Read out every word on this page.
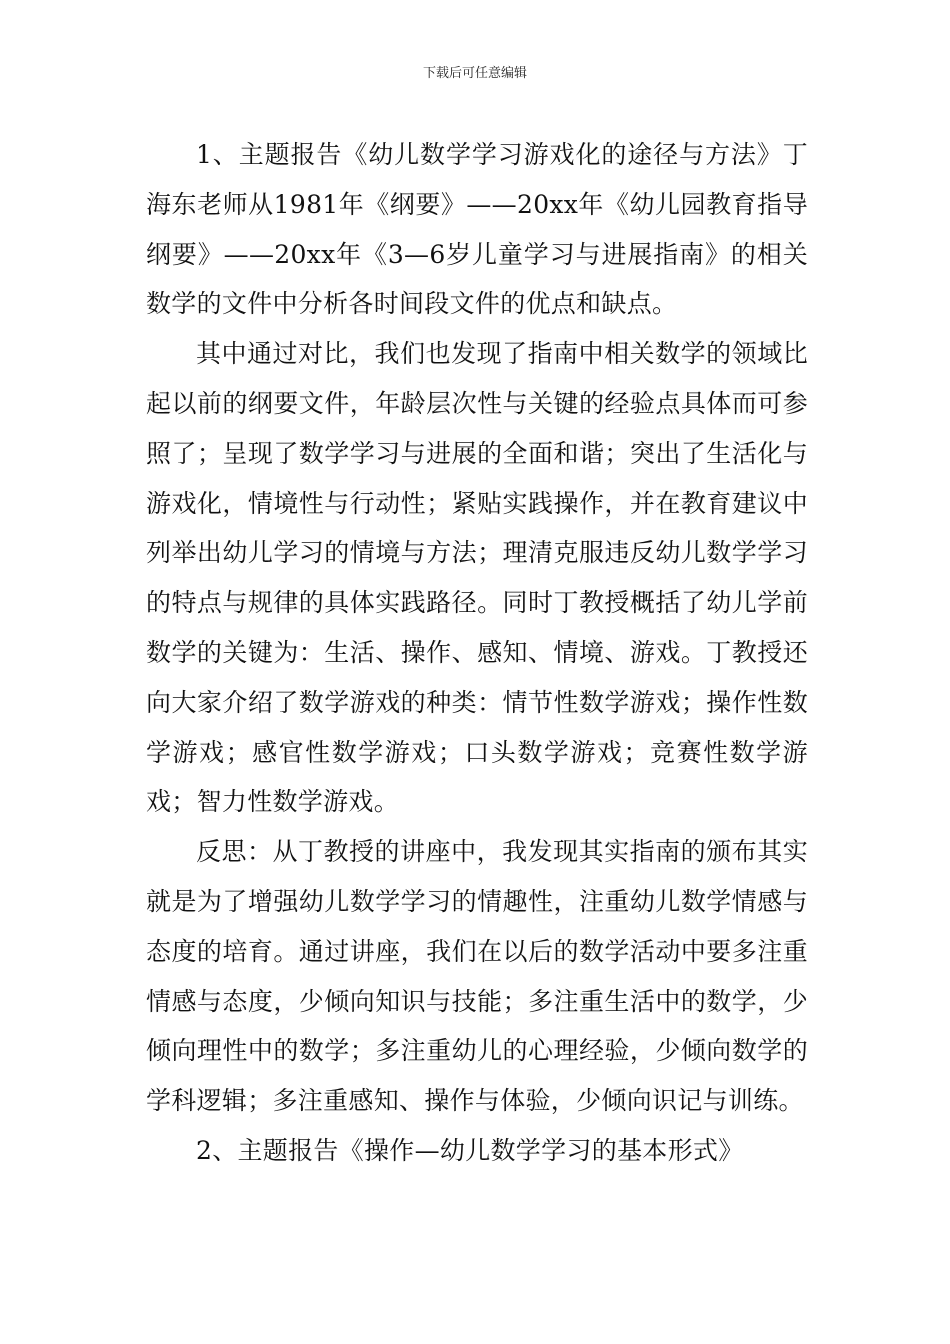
下载后可任意编辑

1、主题报告《幼儿数学学习游戏化的途径与方法》丁海东老师从1981年《纲要》——20xx年《幼儿园教育指导纲要》——20xx年《3—6岁儿童学习与进展指南》的相关数学的文件中分析各时间段文件的优点和缺点。

其中通过对比，我们也发现了指南中相关数学的领域比起以前的纲要文件，年龄层次性与关键的经验点具体而可参照了；呈现了数学学习与进展的全面和谐；突出了生活化与游戏化，情境性与行动性；紧贴实践操作，并在教育建议中列举出幼儿学习的情境与方法；理清克服违反幼儿数学学习的特点与规律的具体实践路径。同时丁教授概括了幼儿学前数学的关键为：生活、操作、感知、情境、游戏。丁教授还向大家介绍了数学游戏的种类：情节性数学游戏；操作性数学游戏；感官性数学游戏；口头数学游戏；竞赛性数学游戏；智力性数学游戏。

反思：从丁教授的讲座中，我发现其实指南的颁布其实就是为了增强幼儿数学学习的情趣性，注重幼儿数学情感与态度的培育。通过讲座，我们在以后的数学活动中要多注重情感与态度，少倾向知识与技能；多注重生活中的数学，少倾向理性中的数学；多注重幼儿的心理经验，少倾向数学的学科逻辑；多注重感知、操作与体验，少倾向识记与训练。

2、主题报告《操作—幼儿数学学习的基本形式》
